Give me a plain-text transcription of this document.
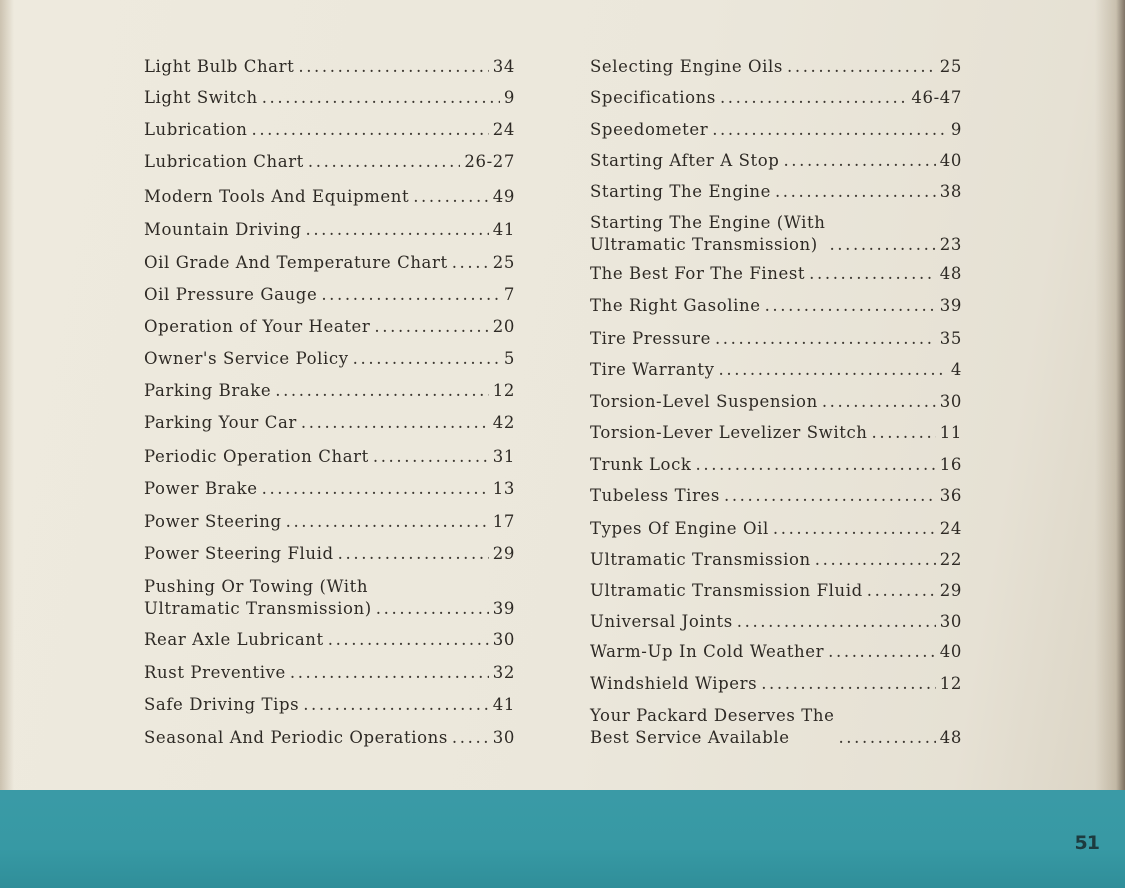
Light Bulb Chart .....	34
Light Switch .....	9
Lubrication .....	24
Lubrication Chart .....	26-27
Modern Tools And Equipment .....	49
Mountain Driving .....	41
Oil Grade And Temperature Chart .....	25
Oil Pressure Gauge .....	7
Operation of Your Heater .....	20
Owner's Service Policy .....	5
Parking Brake .....	12
Parking Your Car .....	42
Periodic Operation Chart .....	31
Power Brake .....	13
Power Steering .....	17
Power Steering Fluid .....	29
Pushing Or Towing (With
Ultramatic Transmission) .....	39
Rear Axle Lubricant .....	30
Rust Preventive .....	32
Safe Driving Tips .....	41
Seasonal And Periodic Operations .....	30
Selecting Engine Oils .....	25
Specifications .....	46-47
Speedometer .....	9
Starting After A Stop .....	40
Starting The Engine .....	38
Starting The Engine (With
Ultramatic Transmission) .....	23
The Best For The Finest .....	48
The Right Gasoline .....	39
Tire Pressure .....	35
Tire Warranty .....	4
Torsion-Level Suspension .....	30
Torsion-Lever Levelizer Switch .....	11
Trunk Lock .....	16
Tubeless Tires .....	36
Types Of Engine Oil .....	24
Ultramatic Transmission .....	22
Ultramatic Transmission Fluid .....	29
Universal Joints .....	30
Warm-Up In Cold Weather .....	40
Windshield Wipers .....	12
Your Packard Deserves The
Best Service Available .....	48
51
